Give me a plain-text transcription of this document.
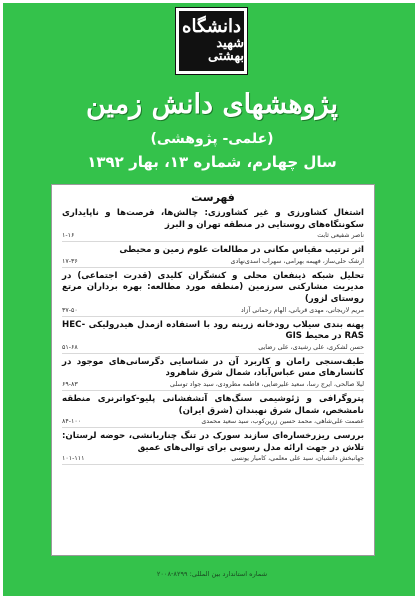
دانشگاه
شهید بهشتی
پژوهشهای دانش زمین
(علمی- پژوهشی)
سال چهارم، شماره ۱۳، بهار ۱۳۹۲
فهرست
اشتغال کشاورزی و غیر کشاورزی: چالش‌ها، فرصت‌ها و ناپایداری سکونتگاه‌های روستایی در منطقه تهران و البرز
ناصر شفیعی ثابت
۱-۱۶
اثر ترتیب مقیاس مکانی در مطالعات علوم زمین و محیطی
ارشک حلی‌ساز، فهیمه بهرامی، سهراب اسدی‌نهادی
۱۷-۳۶
تحلیل شبکه ذینفعان محلی و کنشگران کلیدی (قدرت اجتماعی) در مدیریت مشارکتی سرزمین (منطقه مورد مطالعه: بهره برداران مرتع روستای لزور)
مریم لاریجانی، مهدی قربانی، الهام رحمانی آزاد
۳۷-۵۰
پهنه بندی سیلاب رودخانه زرینه رود با استفاده ازمدل هیدرولیکی HEC-RAS در محیط GIS
حسن لشکری، علی رشیدی، علی رضایی
۵۱-۶۸
طیف‌سنجی رامان و کاربرد آن در شناسایی دگرسانی‌های موجود در کانسارهای مس عباس‌آباد، شمال شرق شاهرود
لیلا صالحی، ایرج رسا، سعید علیرضایی، فاطمه مطرودی، سید جواد توسلی
۶۹-۸۳
پتروگرافی و ژئوشیمی سنگ‌های آتشفشانی پلیو-کواترنری منطقه نامشخص، شمال شرق نهبندان (شرق ایران)
عصمت علی‌شاهی، محمد حسین زرین‌کوب، سید سعید محمدی
۸۴-۱۰۰
بررسی ریزرخساره‌ای سازند سورک در تنگ چناربانشی، حوضه لرستان: تلاش در جهت ارائه مدل رسوبی برای توالی‌های عمیق
جهانبخش دانشیان، سید علی معلمی، کامیار یونسی
۱۰۱-۱۱۱
شماره استاندارد بین المللی: ۸۲۹۹-۲۰۰۸
